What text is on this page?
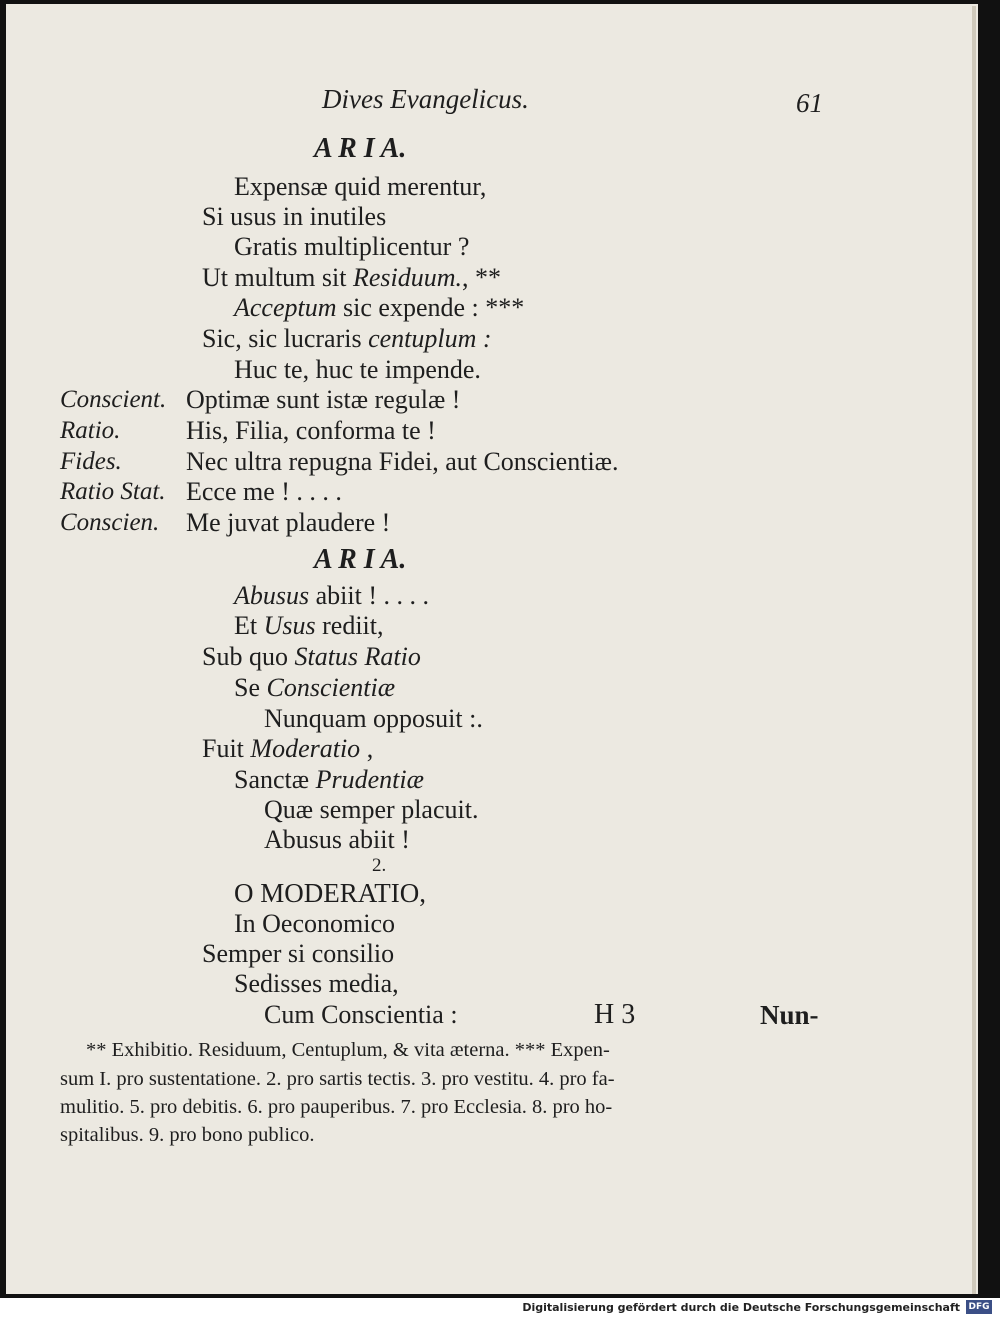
Dives Evangelicus.	61
A R I A.
Expensæ quid merentur,
Si usus in inutiles
Gratis multiplicentur ?
Ut multum sit Residuum., **
Acceptum sic expende : ***
Sic, sic lucraris centuplum :
Huc te, huc te impende.
Conscient. Optimæ sunt istæ regulæ !
Ratio.	His, Filia, conforma te !
Fides. Nec ultra repugna Fidei, aut Conscientiæ.
Ratio Stat. Ecce me ! . . . .
Conscien. Me juvat plaudere !
A R I A.
Abusus abiit ! . . . .
Et Usus rediit,
Sub quo Status Ratio
Se Conscientiæ
Nunquam opposuit :.
Fuit Moderatio ,
Sanctæ Prudentiæ
Quæ semper placuit.
Abusus abiit !
2.
O MODERATIO,
In Oeconomico
Semper si consilio
Sedisses media,
Cum Conscientia :	H 3	Nun-
** Exhibitio. Residuum, Centuplum, & vita æterna. *** Expen-
sum I. pro sustentatione. 2. pro sartis tectis. 3. pro vestitu. 4. pro fa-
mulitio. 5. pro debitis. 6. pro pauperibus. 7. pro Ecclesia. 8. pro ho-
spitalibus. 9. pro bono publico.
Digitalisierung gefördert durch die Deutsche Forschungsgemeinschaft DFG
